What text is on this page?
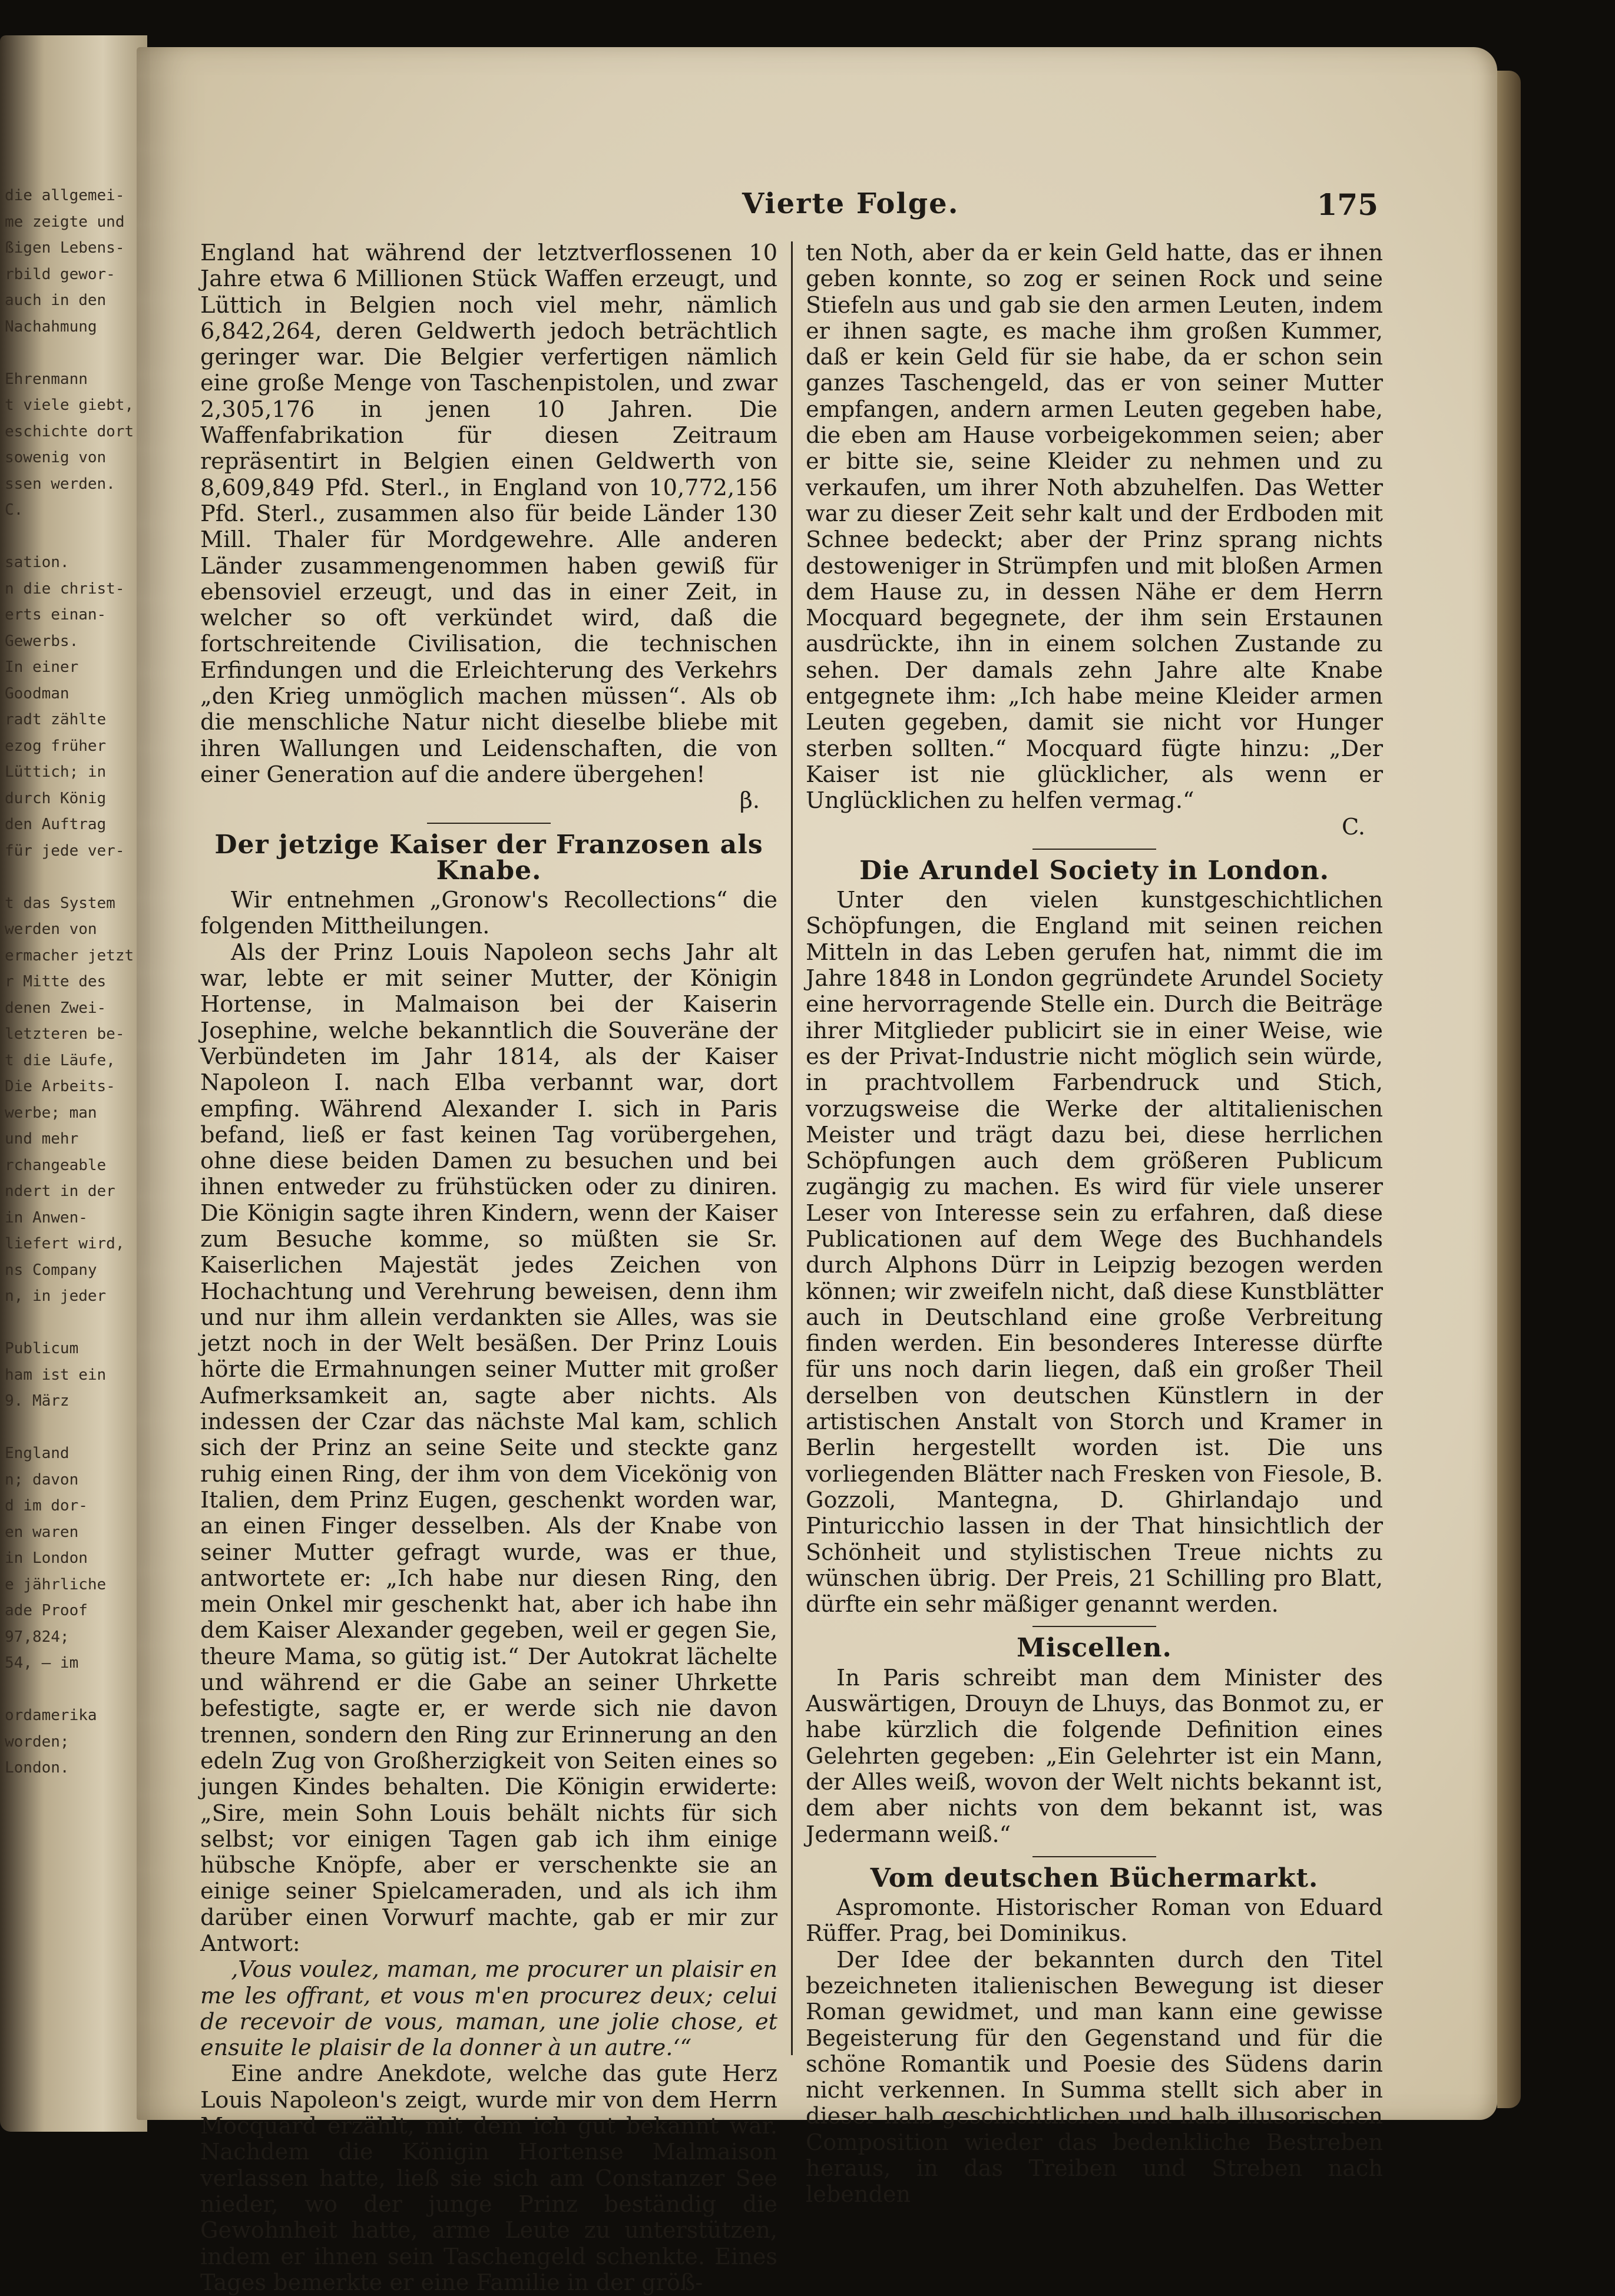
die allgemei-
me zeigte und
ßigen Lebens-
rbild gewor-
auch in den
Nachahmung

Ehrenmann
t viele giebt,
eschichte dort
sowenig von
ssen werden.
C.

sation.
n die christ-
erts einan-
Gewerbs.
In einer
Goodman
radt zählte
ezog früher
Lüttich; in
durch König
den Auftrag
für jede ver-

t das System
werden von
ermacher jetzt
r Mitte des
denen Zwei-
letzteren be-
t die Läufe,
Die Arbeits-
werbe; man
und mehr
rchangeable
ndert in der
in Anwen-
liefert wird,
ns Company
n, in jeder

Publicum
ham ist ein
9. März

England
n; davon
d im dor-
en waren
in London
e jährliche
ade Proof
97,824;
54, — im

ordamerika
worden;
London.
Vierte Folge.	175

England hat während der letztverflossenen 10 Jahre etwa 6 Millionen Stück Waffen erzeugt, und Lüttich in Belgien noch viel mehr, nämlich 6,842,264, deren Geldwerth jedoch beträchtlich geringer war. Die Belgier verfertigen nämlich eine große Menge von Taschenpistolen, und zwar 2,305,176 in jenen 10 Jahren. Die Waffenfabrikation für diesen Zeitraum repräsentirt in Belgien einen Geldwerth von 8,609,849 Pfd. Sterl., in England von 10,772,156 Pfd. Sterl., zusammen also für beide Länder 130 Mill. Thaler für Mordgewehre. Alle anderen Länder zusammengenommen haben gewiß für ebensoviel erzeugt, und das in einer Zeit, in welcher so oft verkündet wird, daß die fortschreitende Civilisation, die technischen Erfindungen und die Erleichterung des Verkehrs „den Krieg unmöglich machen müssen“. Als ob die menschliche Natur nicht dieselbe bliebe mit ihren Wallungen und Leidenschaften, die von einer Generation auf die andere übergehen!

β.

Der jetzige Kaiser der Franzosen als Knabe.

Wir entnehmen „Gronow's Recollections“ die folgenden Mittheilungen.

Als der Prinz Louis Napoleon sechs Jahr alt war, lebte er mit seiner Mutter, der Königin Hortense, in Malmaison bei der Kaiserin Josephine, welche bekanntlich die Souveräne der Verbündeten im Jahr 1814, als der Kaiser Napoleon I. nach Elba verbannt war, dort empfing. Während Alexander I. sich in Paris befand, ließ er fast keinen Tag vorübergehen, ohne diese beiden Damen zu besuchen und bei ihnen entweder zu frühstücken oder zu diniren. Die Königin sagte ihren Kindern, wenn der Kaiser zum Besuche komme, so müßten sie Sr. Kaiserlichen Majestät jedes Zeichen von Hochachtung und Verehrung beweisen, denn ihm und nur ihm allein verdankten sie Alles, was sie jetzt noch in der Welt besäßen. Der Prinz Louis hörte die Ermahnungen seiner Mutter mit großer Aufmerksamkeit an, sagte aber nichts. Als indessen der Czar das nächste Mal kam, schlich sich der Prinz an seine Seite und steckte ganz ruhig einen Ring, der ihm von dem Vicekönig von Italien, dem Prinz Eugen, geschenkt worden war, an einen Finger desselben. Als der Knabe von seiner Mutter gefragt wurde, was er thue, antwortete er: „Ich habe nur diesen Ring, den mein Onkel mir geschenkt hat, aber ich habe ihn dem Kaiser Alexander gegeben, weil er gegen Sie, theure Mama, so gütig ist.“ Der Autokrat lächelte und während er die Gabe an seiner Uhrkette befestigte, sagte er, er werde sich nie davon trennen, sondern den Ring zur Erinnerung an den edeln Zug von Großherzigkeit von Seiten eines so jungen Kindes behalten. Die Königin erwiderte: „Sire, mein Sohn Louis behält nichts für sich selbst; vor einigen Tagen gab ich ihm einige hübsche Knöpfe, aber er verschenkte sie an einige seiner Spielcameraden, und als ich ihm darüber einen Vorwurf machte, gab er mir zur Antwort:

‚Vous voulez, maman, me procurer un plaisir en me les offrant, et vous m'en procurez deux; celui de recevoir de vous, maman, une jolie chose, et ensuite le plaisir de la donner à un autre.‘“

Eine andre Anekdote, welche das gute Herz Louis Napoleon's zeigt, wurde mir von dem Herrn Mocquard erzählt, mit dem ich gut bekannt war. Nachdem die Königin Hortense Malmaison verlassen hatte, ließ sie sich am Constanzer See nieder, wo der junge Prinz beständig die Gewohnheit hatte, arme Leute zu unterstützen, indem er ihnen sein Taschengeld schenkte. Eines Tages bemerkte er eine Familie in der größ-

ten Noth, aber da er kein Geld hatte, das er ihnen geben konnte, so zog er seinen Rock und seine Stiefeln aus und gab sie den armen Leuten, indem er ihnen sagte, es mache ihm großen Kummer, daß er kein Geld für sie habe, da er schon sein ganzes Taschengeld, das er von seiner Mutter empfangen, andern armen Leuten gegeben habe, die eben am Hause vorbeigekommen seien; aber er bitte sie, seine Kleider zu nehmen und zu verkaufen, um ihrer Noth abzuhelfen. Das Wetter war zu dieser Zeit sehr kalt und der Erdboden mit Schnee bedeckt; aber der Prinz sprang nichts destoweniger in Strümpfen und mit bloßen Armen dem Hause zu, in dessen Nähe er dem Herrn Mocquard begegnete, der ihm sein Erstaunen ausdrückte, ihn in einem solchen Zustande zu sehen. Der damals zehn Jahre alte Knabe entgegnete ihm: „Ich habe meine Kleider armen Leuten gegeben, damit sie nicht vor Hunger sterben sollten.“ Mocquard fügte hinzu: „Der Kaiser ist nie glücklicher, als wenn er Unglücklichen zu helfen vermag.“

C.

Die Arundel Society in London.

Unter den vielen kunstgeschichtlichen Schöpfungen, die England mit seinen reichen Mitteln in das Leben gerufen hat, nimmt die im Jahre 1848 in London gegründete Arundel Society eine hervorragende Stelle ein. Durch die Beiträge ihrer Mitglieder publicirt sie in einer Weise, wie es der Privat-Industrie nicht möglich sein würde, in prachtvollem Farbendruck und Stich, vorzugsweise die Werke der altitalienischen Meister und trägt dazu bei, diese herrlichen Schöpfungen auch dem größeren Publicum zugängig zu machen. Es wird für viele unserer Leser von Interesse sein zu erfahren, daß diese Publicationen auf dem Wege des Buchhandels durch Alphons Dürr in Leipzig bezogen werden können; wir zweifeln nicht, daß diese Kunstblätter auch in Deutschland eine große Verbreitung finden werden. Ein besonderes Interesse dürfte für uns noch darin liegen, daß ein großer Theil derselben von deutschen Künstlern in der artistischen Anstalt von Storch und Kramer in Berlin hergestellt worden ist. Die uns vorliegenden Blätter nach Fresken von Fiesole, B. Gozzoli, Mantegna, D. Ghirlandajo und Pinturicchio lassen in der That hinsichtlich der Schönheit und stylistischen Treue nichts zu wünschen übrig. Der Preis, 21 Schilling pro Blatt, dürfte ein sehr mäßiger genannt werden.

Miscellen.

In Paris schreibt man dem Minister des Auswärtigen, Drouyn de Lhuys, das Bonmot zu, er habe kürzlich die folgende Definition eines Gelehrten gegeben: „Ein Gelehrter ist ein Mann, der Alles weiß, wovon der Welt nichts bekannt ist, dem aber nichts von dem bekannt ist, was Jedermann weiß.“

Vom deutschen Büchermarkt.

Aspromonte. Historischer Roman von Eduard Rüffer. Prag, bei Dominikus.

Der Idee der bekannten durch den Titel bezeichneten italienischen Bewegung ist dieser Roman gewidmet, und man kann eine gewisse Begeisterung für den Gegenstand und für die schöne Romantik und Poesie des Südens darin nicht verkennen. In Summa stellt sich aber in dieser halb geschichtlichen und halb illusorischen Composition wieder das bedenkliche Bestreben heraus, in das Treiben und Streben nach lebenden
